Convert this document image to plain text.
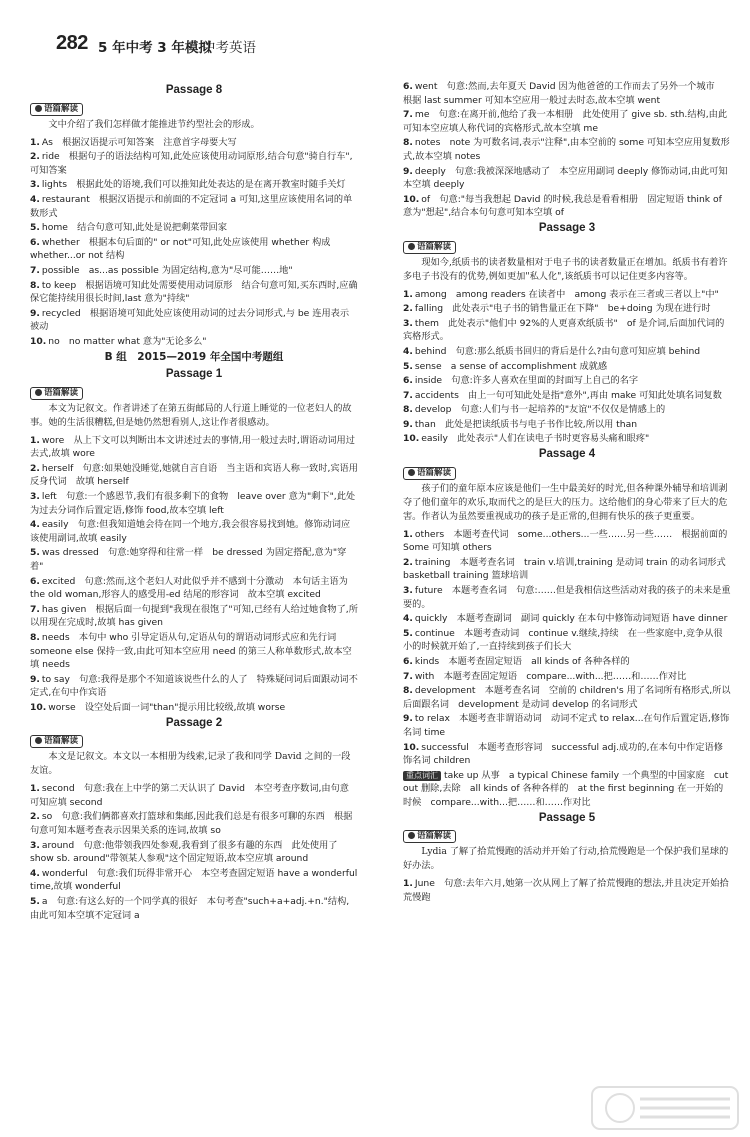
282 5 年中考 3 年模拟
中考英语
Passage 8
语篇解读
文中介绍了我们怎样做才能推进节约型社会的形成。
1. As　根据汉语提示可知答案　注意首字母要大写
2. ride　根据句子的语法结构可知,此处应该使用动词原形,结合句意"骑自行车",可知答案
3. lights　根据此处的语境,我们可以推知此处表达的是在离开教室时随手关灯
4. restaurant　根据汉语提示和前面的不定冠词 a 可知,这里应该使用名词的单数形式
5. home　结合句意可知,此处是说把剩菜带回家
6. whether　根据本句后面的" or not"可知,此处应该使用 whether 构成 whether...or not 结构
7. possible　as...as possible 为固定结构,意为"尽可能……地"
8. to keep　根据语境可知此处需要使用动词原形　结合句意可知,买东西时,应确保它能持续用很长时间,last 意为"持续"
9. recycled　根据语境可知此处应该使用动词的过去分词形式,与 be 连用表示被动
10. no　no matter what 意为"无论多么"
B 组　2015—2019 年全国中考题组
Passage 1
语篇解读
本文为记叙文。作者讲述了在第五街邮局的人行道上睡觉的一位老妇人的故事。她的生活很糟糕,但是她仍然想看别人,这让作者很感动。
1. wore　从上下文可以判断出本文讲述过去的事情,用一般过去时,谓语动词用过去式,故填 wore
2. herself　句意:如果她没睡觉,她就自言自语　当主语和宾语人称一致时,宾语用反身代词　故填 herself
3. left　句意:一个感恩节,我们有很多剩下的食物　leave over 意为"剩下",此处为过去分词作后置定语,修饰 food,故本空填 left
4. easily　句意:但我知道她会待在同一个地方,我会很容易找到她。修饰动词应该使用副词,故填 easily
5. was dressed　句意:她穿得和往常一样　be dressed 为固定搭配,意为"穿着"
6. excited　句意:然而,这个老妇人对此似乎并不感到十分激动　本句话主语为 the old woman,形容人的感受用-ed 结尾的形容词　故本空填 excited
7. has given　根据后面一句提到"我现在很饱了"可知,已经有人给过她食物了,所以用现在完成时,故填 has given
8. needs　本句中 who 引导定语从句,定语从句的谓语动词形式应和先行词 someone else 保持一致,由此可知本空应用 need 的第三人称单数形式,故本空填 needs
9. to say　句意:我得是那个不知道该说些什么的人了　特殊疑问词后面跟动词不定式,在句中作宾语
10. worse　设空处后面一词"than"提示用比较级,故填 worse
Passage 2
语篇解读
本文是记叙文。本文以一本相册为线索,记录了我和同学 David 之间的一段友谊。
1. second　句意:我在上中学的第二天认识了 David　本空考查序数词,由句意可知应填 second
2. so　句意:我们俩都喜欢打篮球和集邮,因此我们总是有很多可聊的东西　根据句意可知本题考查表示因果关系的连词,故填 so
3. around　句意:他带领我四处参观,我看到了很多有趣的东西　此处使用了 show sb. around"带领某人参观"这个固定短语,故本空应填 around
4. wonderful　句意:我们玩得非常开心　本空考查固定短语 have a wonderful time,故填 wonderful
5. a　句意:有这么好的一个同学真的很好　本句考查"such+a+adj.+n."结构,由此可知本空填不定冠词 a
6. went　句意:然而,去年夏天 David 因为他爸爸的工作而去了另外一个城市　根据 last summer 可知本空应用一般过去时态,故本空填 went
7. me　句意:在离开前,他给了我一本相册　此处使用了 give sb. sth.结构,由此可知本空应填人称代词的宾格形式,故本空填 me
8. notes　note 为可数名词,表示"注释",由本空前的 some 可知本空应用复数形式,故本空填 notes
9. deeply　句意:我被深深地感动了　本空应用副词 deeply 修饰动词,由此可知本空填 deeply
10. of　句意:"每当我想起 David 的时候,我总是看看相册　固定短语 think of 意为"想起",结合本句句意可知本空填 of
Passage 3
语篇解读
现如今,纸质书的读者数量相对于电子书的读者数量正在增加。纸质书有着许多电子书没有的优势,例如更加"私人化",该纸质书可以记住更多内容等。
1. among　among readers 在读者中　among 表示在三者或三者以上"中"
2. falling　此处表示"电子书的销售量正在下降"　be+doing 为现在进行时
3. them　此处表示"他们中 92%的人更喜欢纸质书"　of 是介词,后面加代词的宾格形式。
4. behind　句意:那么纸质书回归的背后是什么?由句意可知应填 behind
5. sense　a sense of accomplishment 成就感
6. inside　句意:许多人喜欢在里面的封面写上自己的名字
7. accidents　由上一句可知此处是指"意外",再由 make 可知此处填名词复数
8. develop　句意:人们与书一起培养的"友谊"不仅仅是情感上的
9. than　此处是把读纸质书与电子书作比较,所以用 than
10. easily　此处表示"人们在读电子书时更容易头痛和眼疼"
Passage 4
语篇解读
孩子们的童年原本应该是他们一生中最美好的时光,但各种课外辅导和培训剥夺了他们童年的欢乐,取而代之的是巨大的压力。这给他们的身心带来了巨大的危害。作者认为虽然要重视成功的孩子是正常的,但拥有快乐的孩子更重要。
1. others　本题考查代词　some...others...一些……另一些……　根据前面的 Some 可知填 others
2. training　本题考查名词　train v.培训,training 是动词 train 的动名词形式　basketball training 篮球培训
3. future　本题考查名词　句意:……但是我相信这些活动对我的孩子的未来是重要的。
4. quickly　本题考查副词　副词 quickly 在本句中修饰动词短语 have dinner
5. continue　本题考查动词　continue v.继续,持续　在一些家庭中,竞争从很小的时候就开始了,一直持续到孩子们长大
6. kinds　本题考查固定短语　all kinds of 各种各样的
7. with　本题考查固定短语　compare...with...把……和……作对比
8. development　本题考查名词　空前的 children's 用了名词所有格形式,所以后面跟名词　development 是动词 develop 的名词形式
9. to relax　本题考查非谓语动词　动词不定式 to relax...在句作后置定语,修饰名词 time
10. successful　本题考查形容词　successful adj.成功的,在本句中作定语修饰名词 children
重点词汇 take up 从事　a typical Chinese family 一个典型的中国家庭　cut out 删除,去除　all kinds of 各种各样的　at the first beginning 在一开始的时候　compare...with...把……和……作对比
Passage 5
语篇解读
Lydia 了解了拾荒慢跑的活动并开始了行动,拾荒慢跑是一个保护我们星球的好办法。
1. June　句意:去年六月,她第一次从网上了解了拾荒慢跑的想法,并且决定开始拾荒慢跑
